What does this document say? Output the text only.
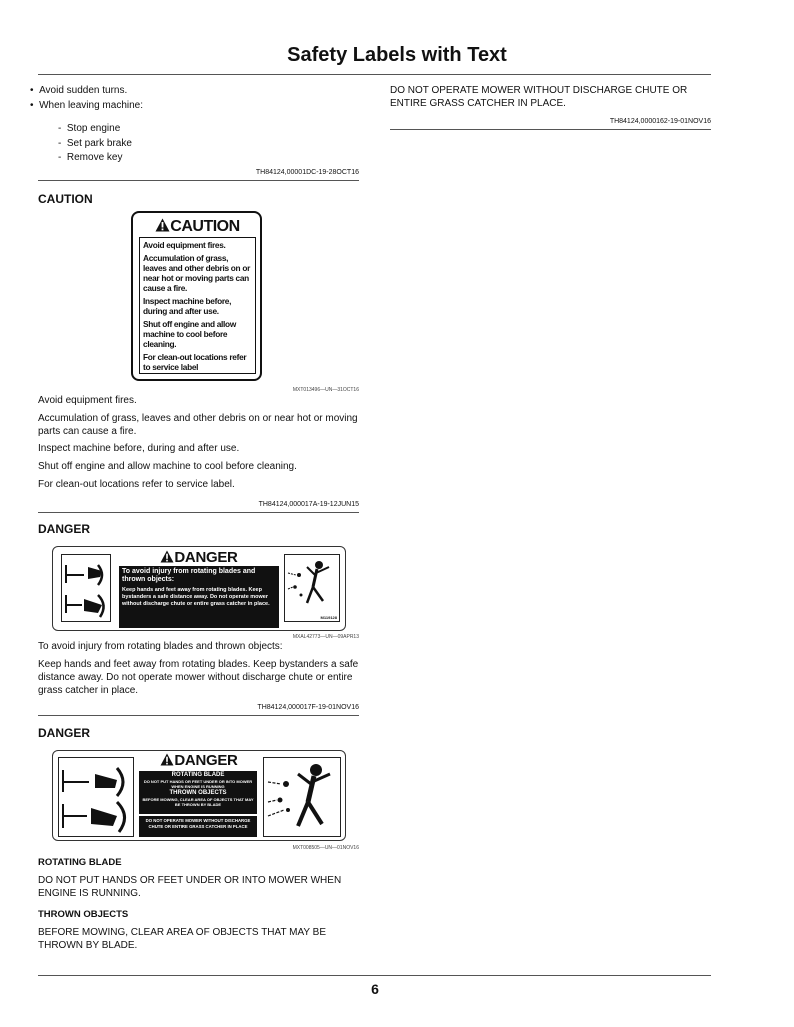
Safety Labels with Text
•  Avoid sudden turns.
•  When leaving machine:
-  Stop engine
-  Set park brake
-  Remove key
TH84124,00001DC-19-28OCT16
CAUTION
CAUTION
Avoid equipment fires.
Accumulation of grass, leaves and other debris on or near hot or moving parts can cause a fire.
Inspect machine before, during and after use.
Shut off engine and allow machine to cool before cleaning.
For clean-out locations refer to service label
MXT013496—UN—31OCT16
Avoid equipment fires.
Accumulation of grass, leaves and other debris on or near hot or moving parts can cause a fire.
Inspect machine before, during and after use.
Shut off engine and allow machine to cool before cleaning.
For clean-out locations refer to service label.
TH84124,000017A-19-12JUN15
DANGER
DANGER
To avoid injury from rotating blades and thrown objects:
Keep hands and feet away from rotating blades. Keep bystanders a safe distance away. Do not operate mower without discharge chute or entire grass catcher in place.
M119128
MXAL42773—UN—09APR13
To avoid injury from rotating blades and thrown objects:
Keep hands and feet away from rotating blades. Keep bystanders a safe distance away. Do not operate mower without discharge chute or entire grass catcher in place.
TH84124,000017F-19-01NOV16
DANGER
DANGER
ROTATING BLADE
DO NOT PUT HANDS OR FEET UNDER OR INTO MOWER WHEN ENGINE IS RUNNING
THROWN OBJECTS
BEFORE MOWING, CLEAR AREA OF OBJECTS THAT MAY BE THROWN BY BLADE
DO NOT OPERATE MOWER WITHOUT DISCHARGE CHUTE OR ENTIRE GRASS CATCHER IN PLACE
MXT008505—UN—01NOV16
ROTATING BLADE
DO NOT PUT HANDS OR FEET UNDER OR INTO MOWER WHEN ENGINE IS RUNNING.
THROWN OBJECTS
BEFORE MOWING, CLEAR AREA OF OBJECTS THAT MAY BE THROWN BY BLADE.
DO NOT OPERATE MOWER WITHOUT DISCHARGE CHUTE OR ENTIRE GRASS CATCHER IN PLACE.
TH84124,0000162-19-01NOV16
6
